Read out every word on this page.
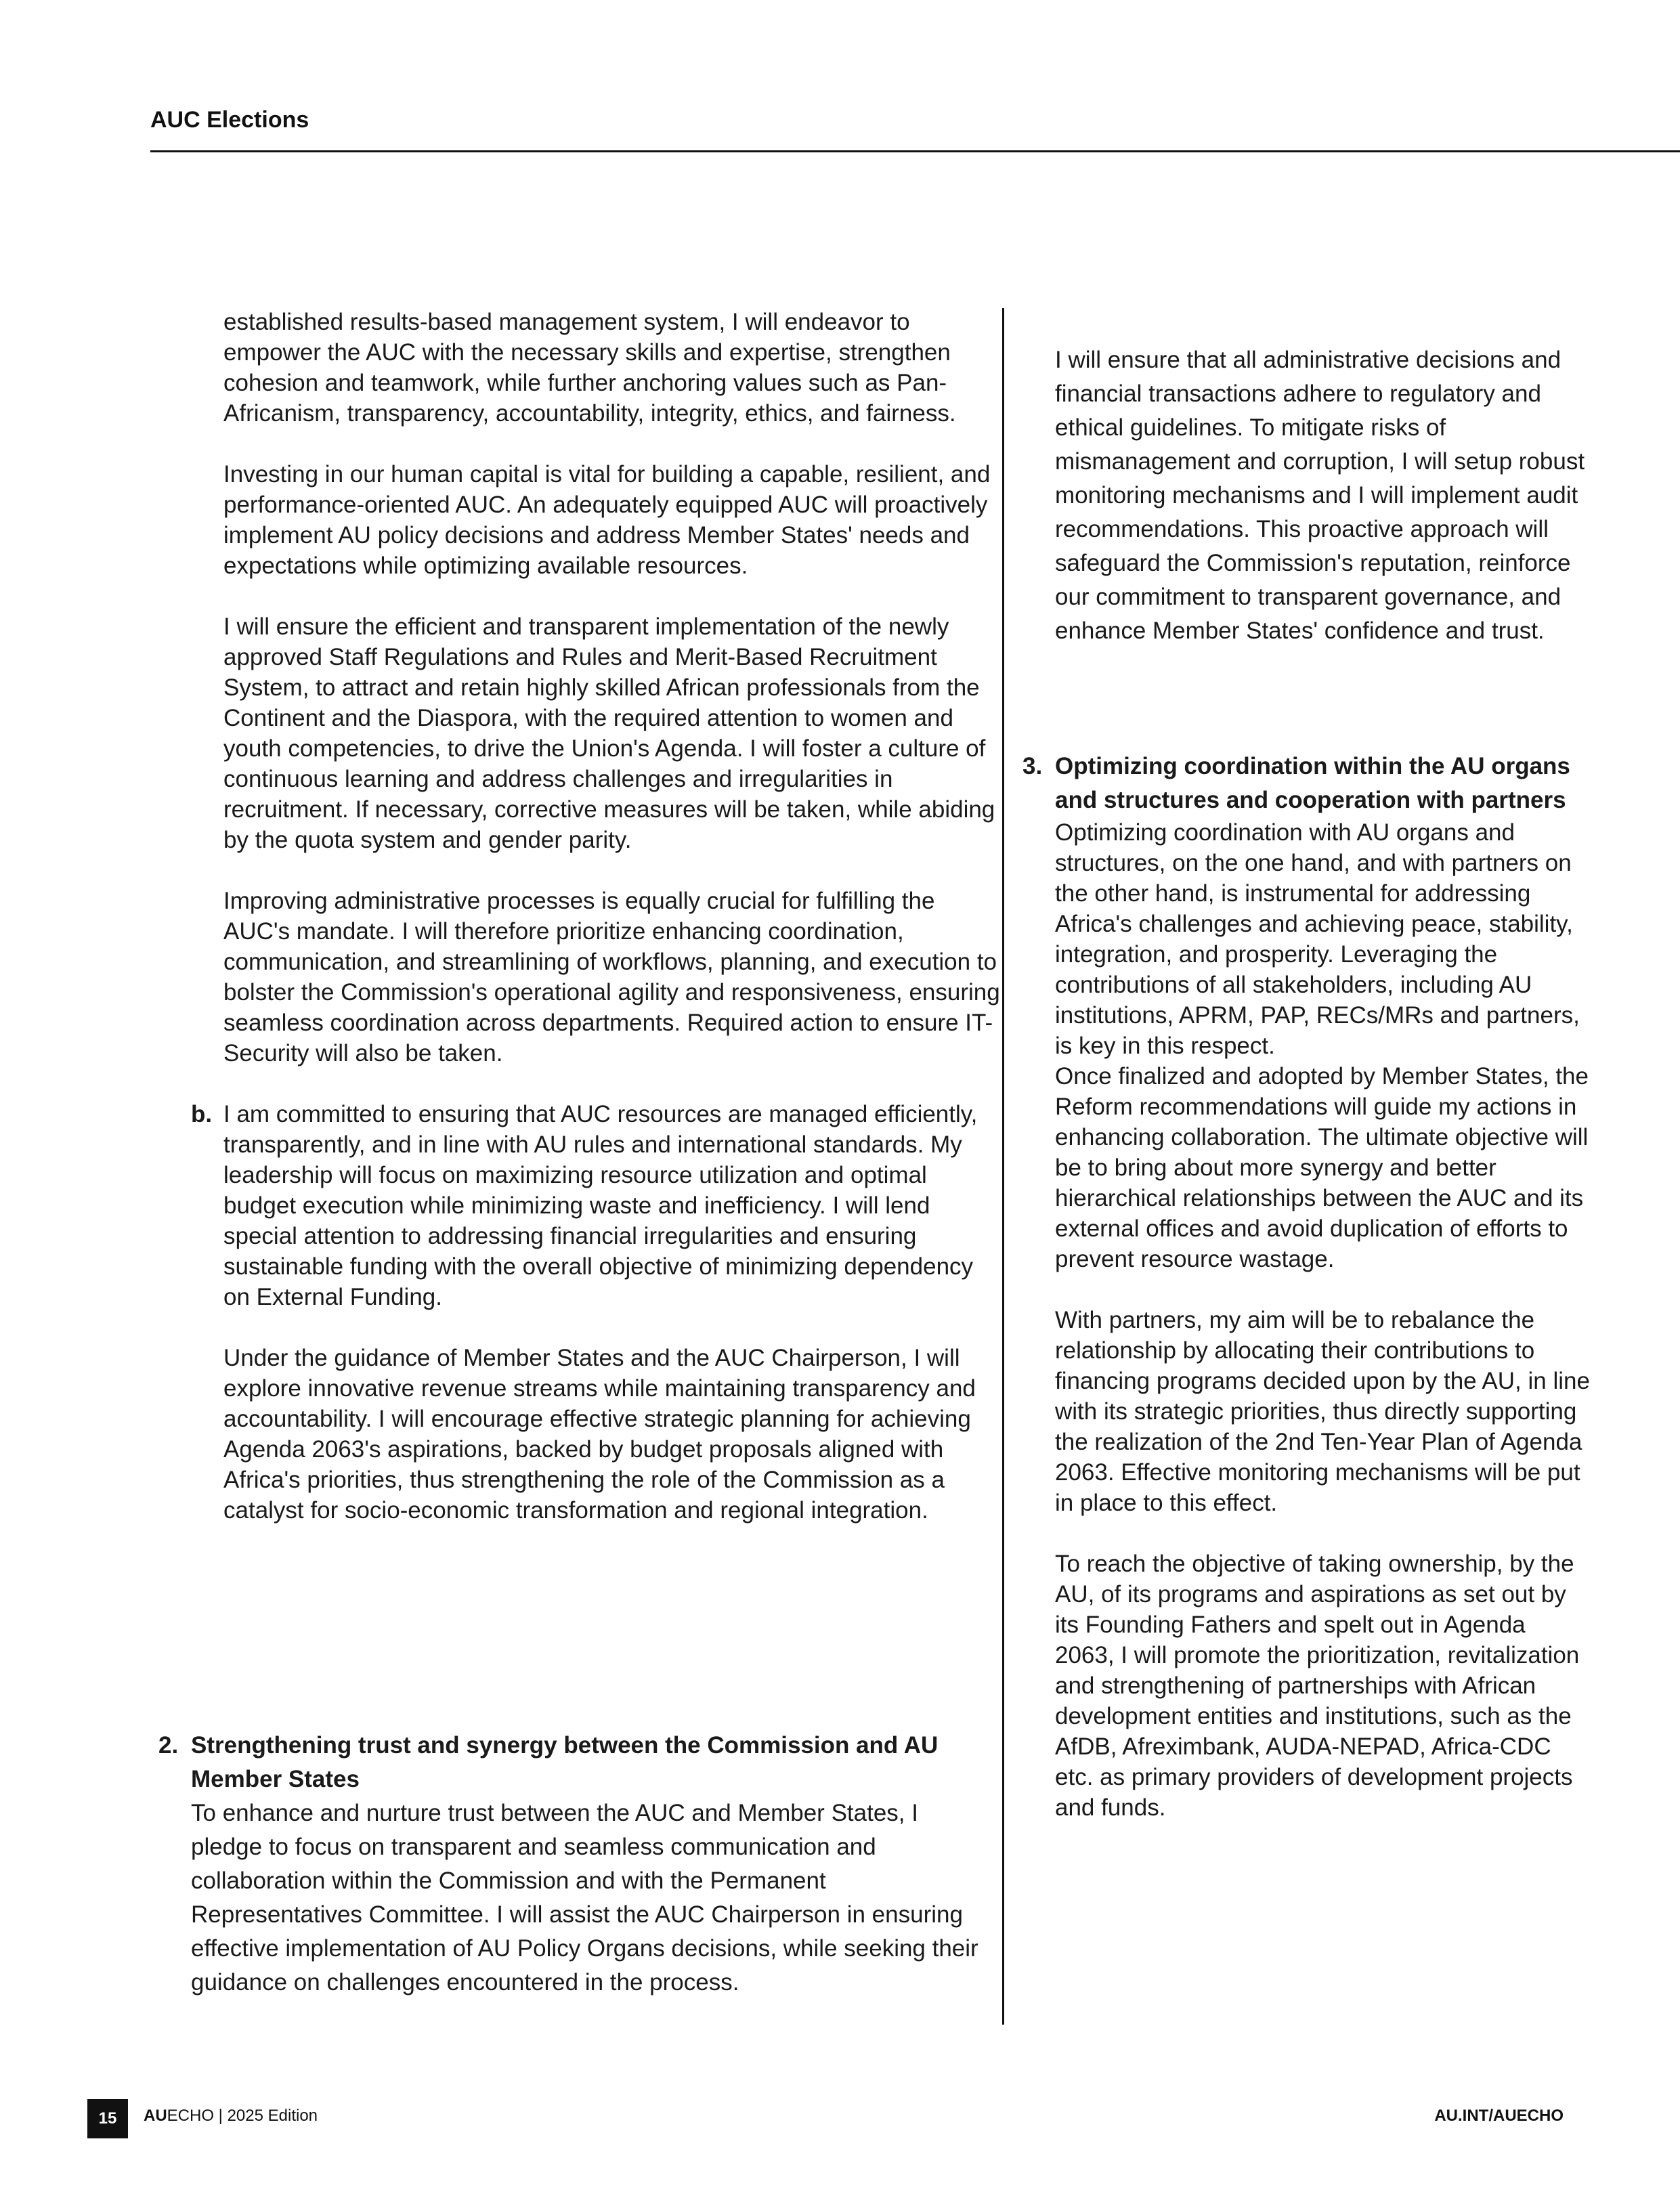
AUC Elections

established results-based management system, I will endeavor to empower the AUC with the necessary skills and expertise, strengthen cohesion and teamwork, while further anchoring values such as Pan-Africanism, transparency, accountability, integrity, ethics, and fairness.

Investing in our human capital is vital for building a capable, resilient, and performance-oriented AUC. An adequately equipped AUC will proactively implement AU policy decisions and address Member States' needs and expectations while optimizing available resources.

I will ensure the efficient and transparent implementation of the newly approved Staff Regulations and Rules and Merit-Based Recruitment System, to attract and retain highly skilled African professionals from the Continent and the Diaspora, with the required attention to women and youth competencies, to drive the Union's Agenda. I will foster a culture of continuous learning and address challenges and irregularities in recruitment. If necessary, corrective measures will be taken, while abiding by the quota system and gender parity.

Improving administrative processes is equally crucial for fulfilling the AUC's mandate. I will therefore prioritize enhancing coordination, communication, and streamlining of workflows, planning, and execution to bolster the Commission's operational agility and responsiveness, ensuring seamless coordination across departments. Required action to ensure IT-Security will also be taken.

b. I am committed to ensuring that AUC resources are managed efficiently, transparently, and in line with AU rules and international standards. My leadership will focus on maximizing resource utilization and optimal budget execution while minimizing waste and inefficiency. I will lend special attention to addressing financial irregularities and ensuring sustainable funding with the overall objective of minimizing dependency on External Funding.

Under the guidance of Member States and the AUC Chairperson, I will explore innovative revenue streams while maintaining transparency and accountability. I will encourage effective strategic planning for achieving Agenda 2063's aspirations, backed by budget proposals aligned with Africa's priorities, thus strengthening the role of the Commission as a catalyst for socio-economic transformation and regional integration.

2. Strengthening trust and synergy between the Commission and AU Member States

To enhance and nurture trust between the AUC and Member States, I pledge to focus on transparent and seamless communication and collaboration within the Commission and with the Permanent Representatives Committee. I will assist the AUC Chairperson in ensuring effective implementation of AU Policy Organs decisions, while seeking their guidance on challenges encountered in the process.

I will ensure that all administrative decisions and financial transactions adhere to regulatory and ethical guidelines. To mitigate risks of mismanagement and corruption, I will setup robust monitoring mechanisms and I will implement audit recommendations. This proactive approach will safeguard the Commission's reputation, reinforce our commitment to transparent governance, and enhance Member States' confidence and trust.

3. Optimizing coordination within the AU organs and structures and cooperation with partners

Optimizing coordination with AU organs and structures, on the one hand, and with partners on the other hand, is instrumental for addressing Africa's challenges and achieving peace, stability, integration, and prosperity. Leveraging the contributions of all stakeholders, including AU institutions, APRM, PAP, RECs/MRs and partners, is key in this respect.

Once finalized and adopted by Member States, the Reform recommendations will guide my actions in enhancing collaboration. The ultimate objective will be to bring about more synergy and better hierarchical relationships between the AUC and its external offices and avoid duplication of efforts to prevent resource wastage.

With partners, my aim will be to rebalance the relationship by allocating their contributions to financing programs decided upon by the AU, in line with its strategic priorities, thus directly supporting the realization of the 2nd Ten-Year Plan of Agenda 2063. Effective monitoring mechanisms will be put in place to this effect.

To reach the objective of taking ownership, by the AU, of its programs and aspirations as set out by its Founding Fathers and spelt out in Agenda 2063, I will promote the prioritization, revitalization and strengthening of partnerships with African development entities and institutions, such as the AfDB, Afreximbank, AUDA-NEPAD, Africa-CDC etc. as primary providers of development projects and funds.

15	AUECHO | 2025 Edition	AU.INT/AUECHO
